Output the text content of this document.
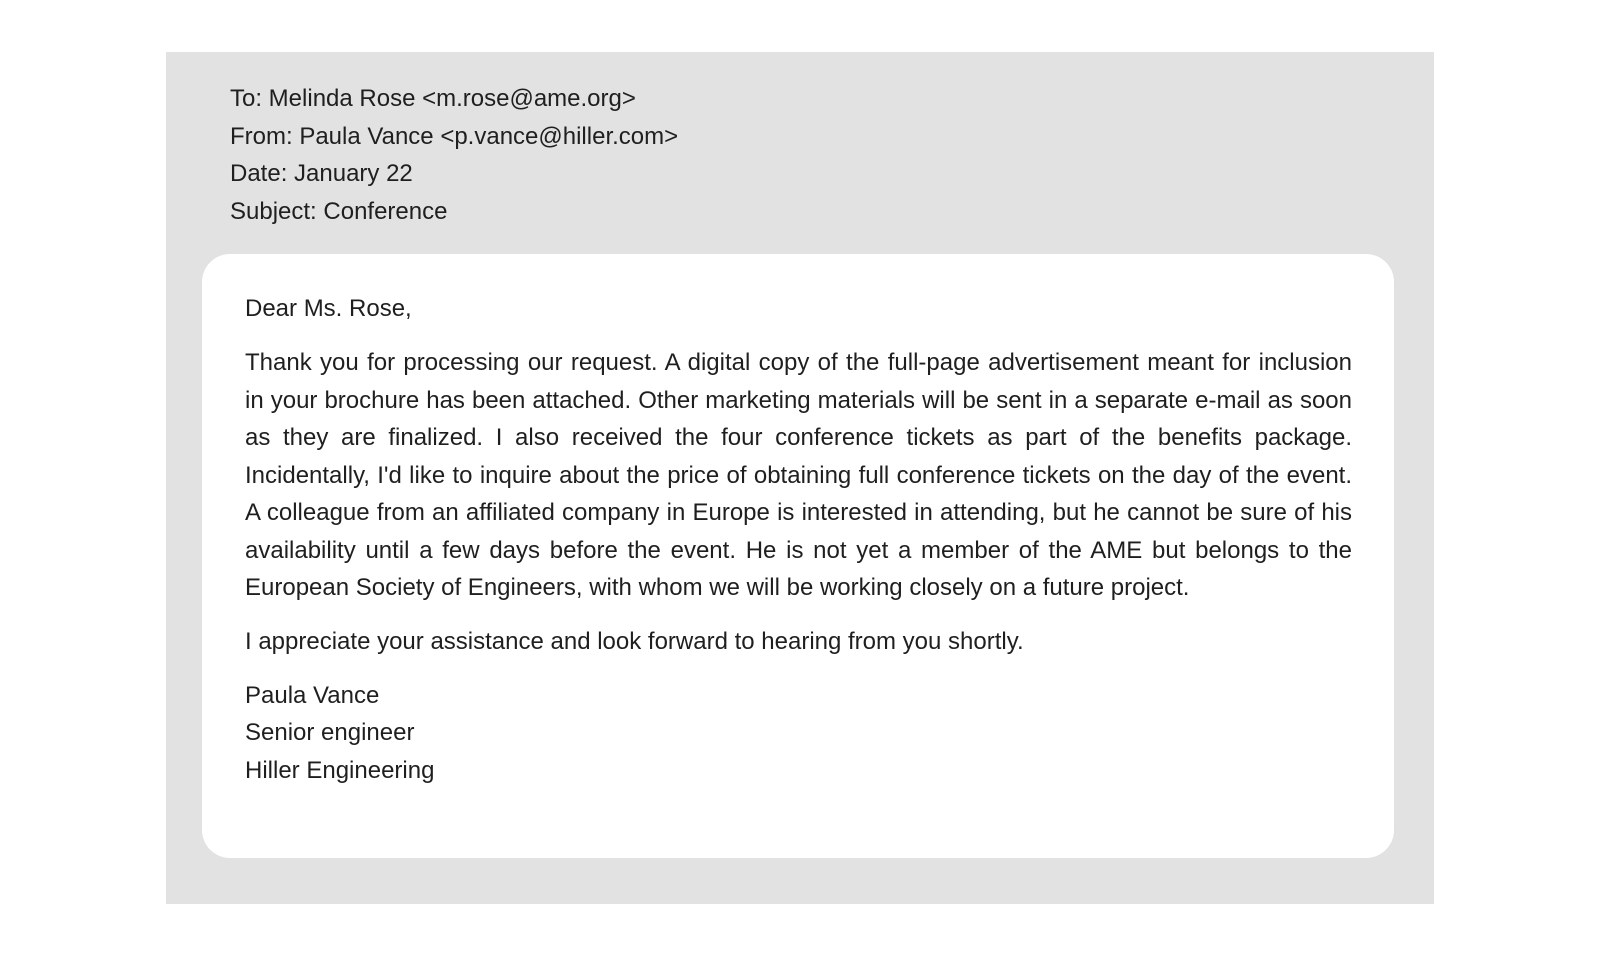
To: Melinda Rose <m.rose@ame.org>
From: Paula Vance <p.vance@hiller.com>
Date: January 22
Subject: Conference

Dear Ms. Rose,

Thank you for processing our request. A digital copy of the full-page advertisement meant for inclusion in your brochure has been attached. Other marketing materials will be sent in a separate e-mail as soon as they are finalized. I also received the four conference tickets as part of the benefits package. Incidentally, I'd like to inquire about the price of obtaining full conference tickets on the day of the event. A colleague from an affiliated company in Europe is interested in attending, but he cannot be sure of his availability until a few days before the event. He is not yet a member of the AME but belongs to the European Society of Engineers, with whom we will be working closely on a future project.

I appreciate your assistance and look forward to hearing from you shortly.

Paula Vance
Senior engineer
Hiller Engineering
